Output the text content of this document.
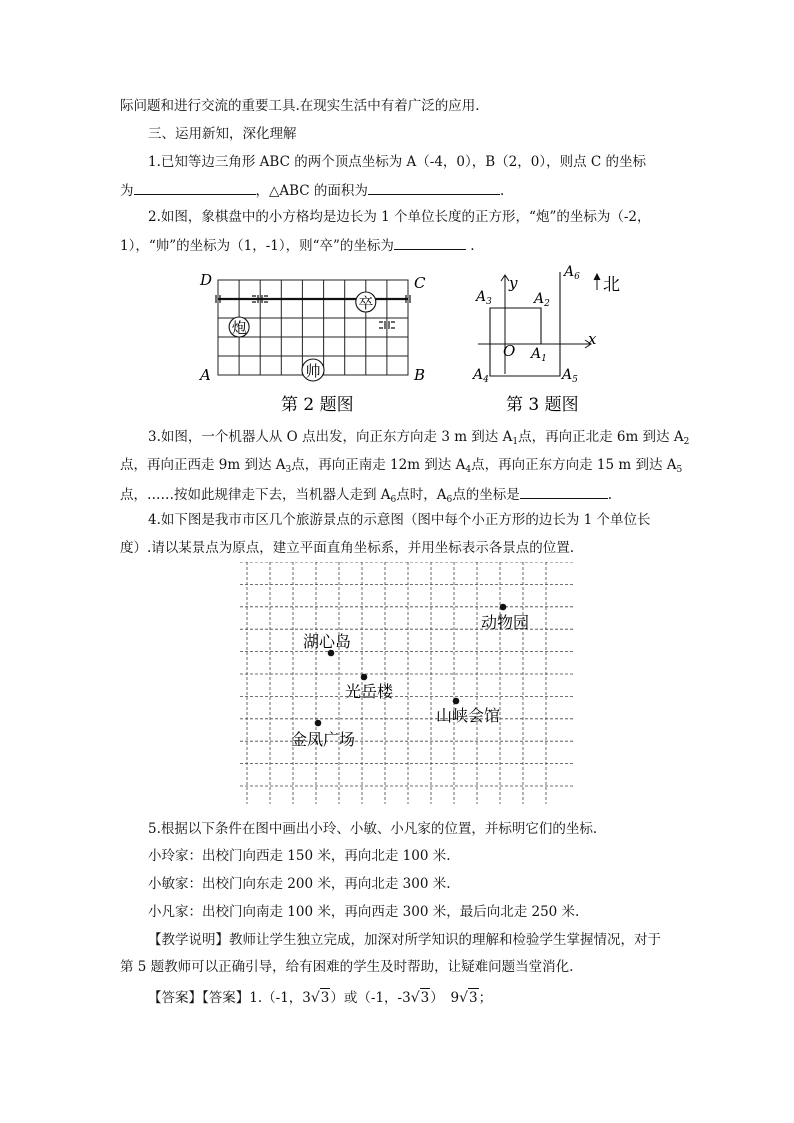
际问题和进行交流的重要工具.在现实生活中有着广泛的应用.
三、运用新知，深化理解
1.已知等边三角形 ABC 的两个顶点坐标为 A（-4，0），B（2，0），则点 C 的坐标
为	，△ABC 的面积为	.
2.如图，象棋盘中的小方格均是边长为 1 个单位长度的正方形，“炮”的坐标为（-2，
1），“帅”的坐标为（1，-1），则“卒”的坐标为	.
炮
卒
帅
D	C
A	B
第 2 题图
北
y
x
O $A_1$
$A_2$
$A_3$
$A_4$	$A_5$
$A_6$
第 3 题图
3.如图，一个机器人从 O 点出发，向正东方向走 3 m 到达 $A_1$点，再向正北走 6m 到达 $A_2$
点，再向正西走 9m 到达 $A_3$点，再向正南走 12m 到达 $A_4$点，再向正东方向走 15 m 到达 $A_5$
点，……按如此规律走下去，当机器人走到 $A_6$点时，$A_6$点的坐标是	.
4.如下图是我市市区几个旅游景点的示意图（图中每个小正方形的边长为 1 个单位长
度）.请以某景点为原点，建立平面直角坐标系，并用坐标表示各景点的位置.
动物园
湖心岛
光岳楼
山峡会馆
金凤广场
5.根据以下条件在图中画出小玲、小敏、小凡家的位置，并标明它们的坐标.
小玲家：出校门向西走 150 米，再向北走 100 米.
小敏家：出校门向东走 200 米，再向北走 300 米.
小凡家：出校门向南走 100 米，再向西走 300 米，最后向北走 250 米.
【教学说明】教师让学生独立完成，加深对所学知识的理解和检验学生掌握情况，对于
第 5 题教师可以正确引导，给有困难的学生及时帮助，让疑难问题当堂消化.
【答案】【答案】1.（-1，3√3）或（-1，-3√3）　9√3；
